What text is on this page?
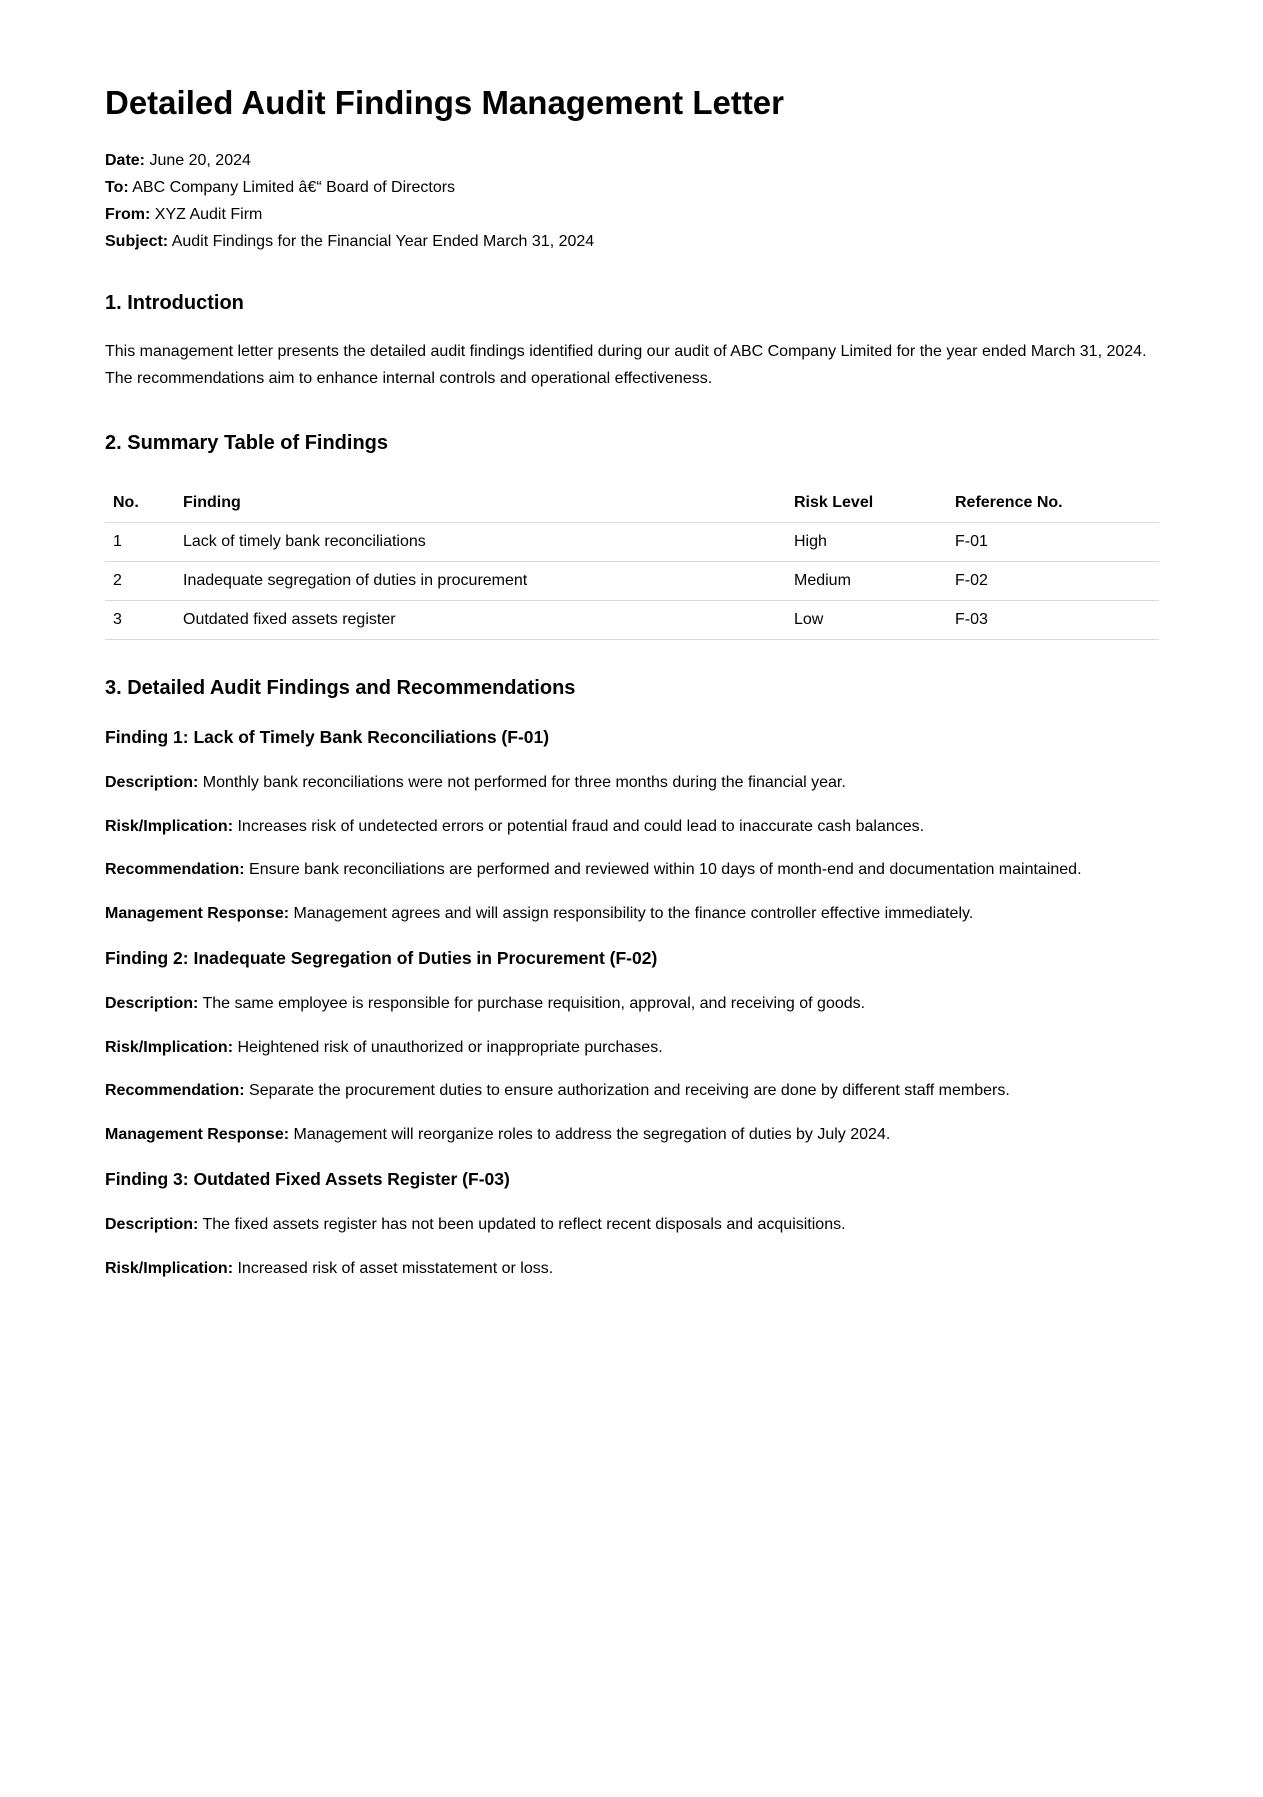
Detailed Audit Findings Management Letter
Date: June 20, 2024
To: ABC Company Limited â€“ Board of Directors
From: XYZ Audit Firm
Subject: Audit Findings for the Financial Year Ended March 31, 2024
1. Introduction

This management letter presents the detailed audit findings identified during our audit of ABC Company Limited for the year ended March 31, 2024. The recommendations aim to enhance internal controls and operational effectiveness.

2. Summary Table of Findings
No.	Finding	Risk Level	Reference No.
1	Lack of timely bank reconciliations	High	F-01
2	Inadequate segregation of duties in procurement	Medium	F-02
3	Outdated fixed assets register	Low	F-03
3. Detailed Audit Findings and Recommendations
Finding 1: Lack of Timely Bank Reconciliations (F-01)

Description: Monthly bank reconciliations were not performed for three months during the financial year.

Risk/Implication: Increases risk of undetected errors or potential fraud and could lead to inaccurate cash balances.

Recommendation: Ensure bank reconciliations are performed and reviewed within 10 days of month-end and documentation maintained.

Management Response: Management agrees and will assign responsibility to the finance controller effective immediately.

Finding 2: Inadequate Segregation of Duties in Procurement (F-02)

Description: The same employee is responsible for purchase requisition, approval, and receiving of goods.

Risk/Implication: Heightened risk of unauthorized or inappropriate purchases.

Recommendation: Separate the procurement duties to ensure authorization and receiving are done by different staff members.

Management Response: Management will reorganize roles to address the segregation of duties by July 2024.

Finding 3: Outdated Fixed Assets Register (F-03)

Description: The fixed assets register has not been updated to reflect recent disposals and acquisitions.

Risk/Implication: Increased risk of asset misstatement or loss.
